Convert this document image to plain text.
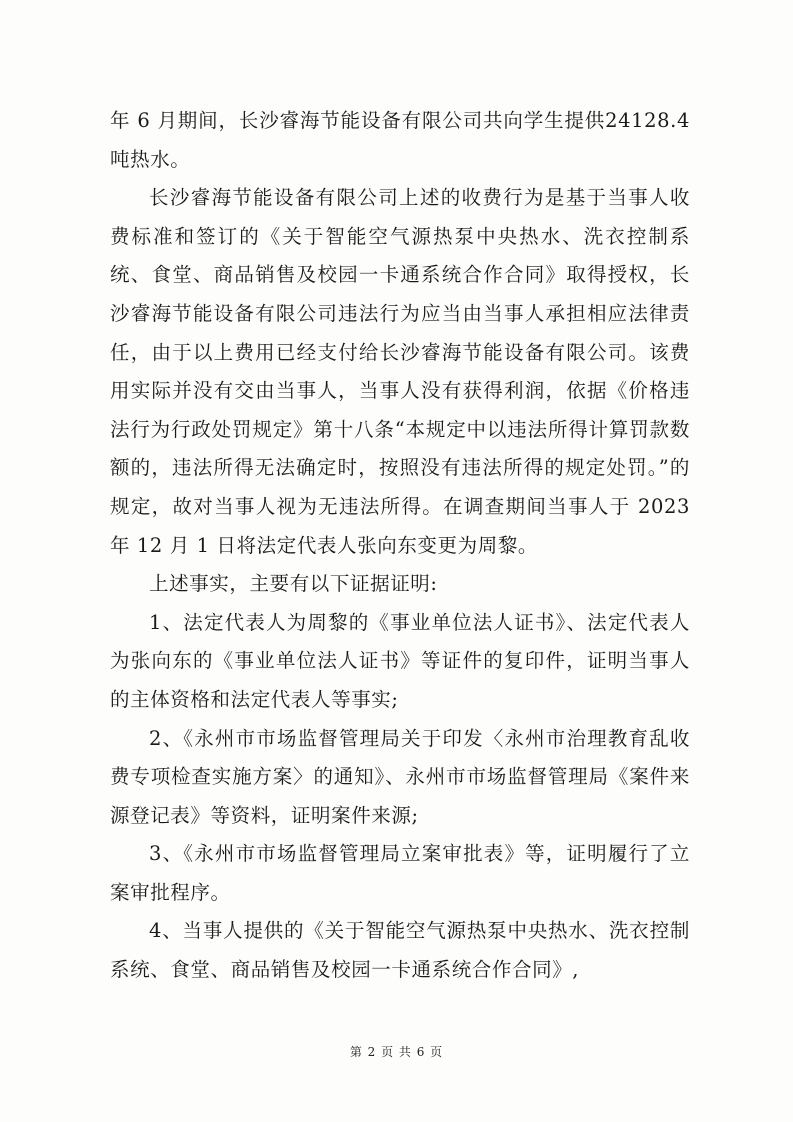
年 6 月期间，长沙睿海节能设备有限公司共向学生提供24128.4吨热水。

长沙睿海节能设备有限公司上述的收费行为是基于当事人收费标准和签订的《关于智能空气源热泵中央热水、洗衣控制系统、食堂、商品销售及校园一卡通系统合作合同》取得授权，长沙睿海节能设备有限公司违法行为应当由当事人承担相应法律责任，由于以上费用已经支付给长沙睿海节能设备有限公司。该费用实际并没有交由当事人，当事人没有获得利润，依据《价格违法行为行政处罚规定》第十八条“本规定中以违法所得计算罚款数额的，违法所得无法确定时，按照没有违法所得的规定处罚。”的规定，故对当事人视为无违法所得。在调查期间当事人于 2023 年 12 月 1 日将法定代表人张向东变更为周黎。

上述事实，主要有以下证据证明:

1、法定代表人为周黎的《事业单位法人证书》、法定代表人为张向东的《事业单位法人证书》等证件的复印件，证明当事人的主体资格和法定代表人等事实;

2、《永州市市场监督管理局关于印发〈永州市治理教育乱收费专项检查实施方案〉的通知》、永州市市场监督管理局《案件来源登记表》等资料，证明案件来源;

3、《永州市市场监督管理局立案审批表》等，证明履行了立案审批程序。

4、当事人提供的《关于智能空气源热泵中央热水、洗衣控制系统、食堂、商品销售及校园一卡通系统合作合同》,

第 2 页 共 6 页
